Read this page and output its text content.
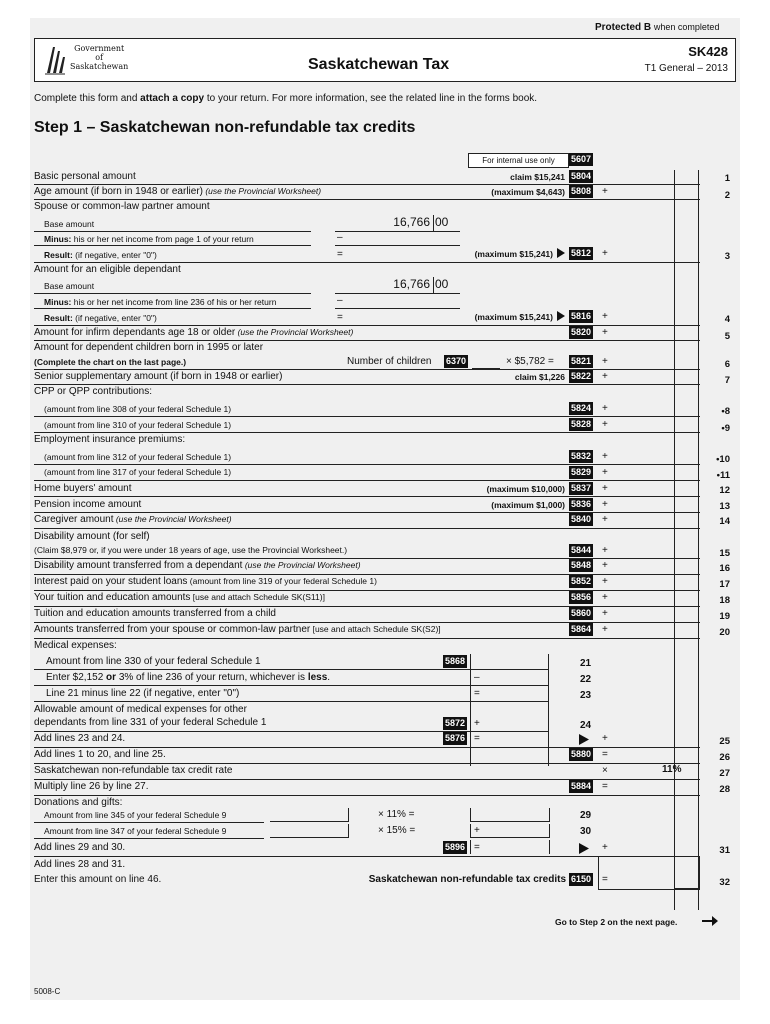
Protected B when completed
Government
of
Saskatchewan	Saskatchewan Tax
SK428
T1 General – 2013
Complete this form and attach a copy to your return. For more information, see the related line in the forms book.
Step 1 – Saskatchewan non-refundable tax credits
For internal use only	5607
Basic personal amount	claim $15,241 5804	1
Age amount (if born in 1948 or earlier) (use the Provincial Worksheet)	(maximum $4,643) 5808 +	2
Spouse or common-law partner amount
Base amount	16,766 00
Minus: his or her net income from page 1 of your return	–
Result: (if negative, enter "0")	=	(maximum $15,241) 5812 +	3
Amount for an eligible dependant
Base amount	16,766 00
Minus: his or her net income from line 236 of his or her return	–
Result: (if negative, enter "0")	=	(maximum $15,241) 5816 +	4
Amount for infirm dependants age 18 or older (use the Provincial Worksheet)	5820 +	5
Amount for dependent children born in 1995 or later
(Complete the chart on the last page.)	Number of children 6370	× $5,782 = 5821 +	6
Senior supplementary amount (if born in 1948 or earlier)	claim $1,226 5822 +	7
CPP or QPP contributions:
(amount from line 308 of your federal Schedule 1)	5824 +	•8
(amount from line 310 of your federal Schedule 1)	5828 +	•9
Employment insurance premiums:
(amount from line 312 of your federal Schedule 1)	5832 +	•10
(amount from line 317 of your federal Schedule 1)	5829 +	•11
Home buyers' amount	(maximum $10,000) 5837 +	12
Pension income amount	(maximum $1,000) 5836 +	13
Caregiver amount (use the Provincial Worksheet)	5840 +	14
Disability amount (for self)
(Claim $8,979 or, if you were under 18 years of age, use the Provincial Worksheet.)	5844 +	15
Disability amount transferred from a dependant (use the Provincial Worksheet)	5848 +	16
Interest paid on your student loans (amount from line 319 of your federal Schedule 1)	5852 +	17
Your tuition and education amounts [use and attach Schedule SK(S11)]	5856 +	18
Tuition and education amounts transferred from a child	5860 +	19
Amounts transferred from your spouse or common-law partner [use and attach Schedule SK(S2)]	5864 +	20
Medical expenses:
Amount from line 330 of your federal Schedule 1	5868	21
Enter $2,152 or 3% of line 236 of your return, whichever is less.	–	22
Line 21 minus line 22 (if negative, enter "0")	=	23
Allowable amount of medical expenses for other
dependants from line 331 of your federal Schedule 1	5872 +	24
Add lines 23 and 24.	5876 =	+	25
Add lines 1 to 20, and line 25.	5880 =	26
Saskatchewan non-refundable tax credit rate	×	11%	27
Multiply line 26 by line 27.	5884 =	28
Donations and gifts:
Amount from line 345 of your federal Schedule 9	× 11% =	29
Amount from line 347 of your federal Schedule 9	× 15% =	+	30
Add lines 29 and 30.	5896 =	+	31
Add lines 28 and 31.
Enter this amount on line 46.	Saskatchewan non-refundable tax credits 6150 =	32
Go to Step 2 on the next page.
5008-C
